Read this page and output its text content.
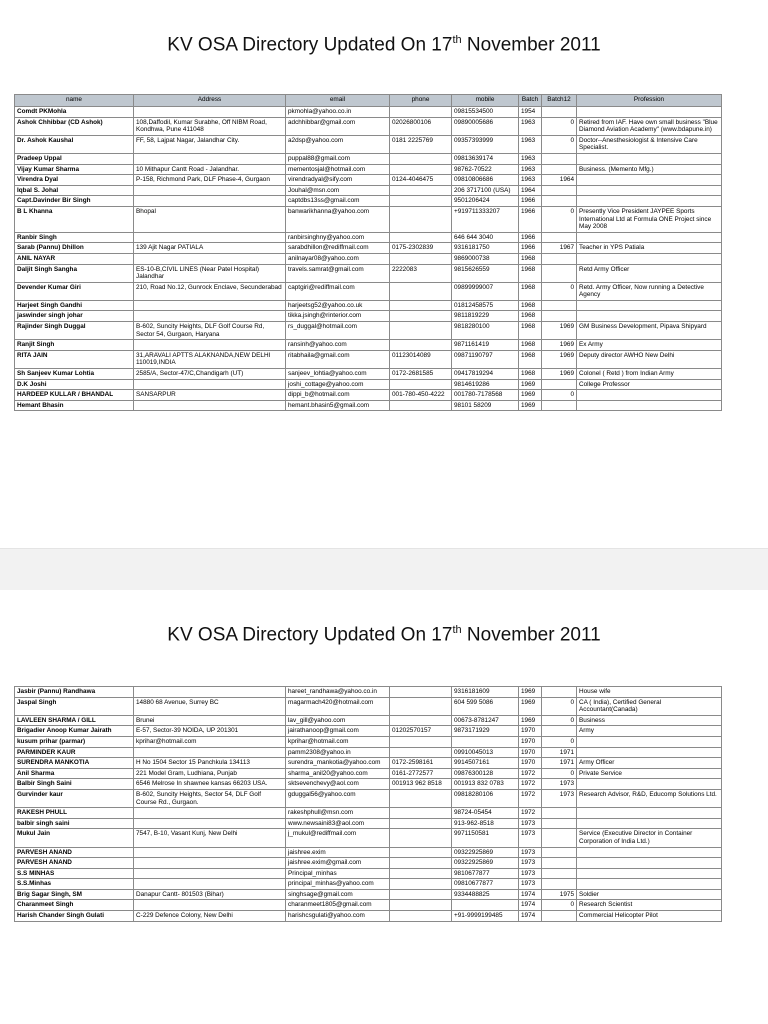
KV OSA Directory Updated On 17th November 2011
name	Address	email	phone	mobile	Batch	Batch12	Profession
Comdt PKMohla		pkmohla@yahoo.co.in		09815534500	1954		
Ashok Chhibbar (CD Ashok)	108,Daffodil, Kumar Surabhe, Off NIBM Road, Kondhwa, Pune 411048	adchhibbar@gmail.com	02026800106	09890005686	1963	0	Retired from IAF. Have own small business "Blue Diamond Aviation Academy" (www.bdapune.in)
Dr. Ashok Kaushal	FF, 58, Lajpat Nagar, Jalandhar City.	a2dsp@yahoo.com	0181 2225769	09357393999	1963	0	Doctor--Anesthesiologist & Intensive Care Specialist.
Pradeep Uppal		puppal88@gmail.com		09813639174	1963		
Vijay Kumar Sharma	10 Mithapur Cantt Road - Jalandhar.	mementosjal@hotmail.com		98762-70522	1963		Business. (Memento Mfg.)
Virendra Dyal	P-158, Richmond Park, DLF Phase-4, Gurgaon	virendradyal@sify.com	0124-4046475	09810806686	1963	1964	
Iqbal S. Johal		Jouhal@msn.com		206 3717100 (USA)	1964		
Capt.Davinder Bir Singh		captdbs13ss@gmail.com		9501206424	1966		
B L Khanna	Bhopal	banwarikhanna@yahoo.com		+919711333207	1966	0	Presently Vice President JAYPEE Sports International Ltd at Formula ONE Project since May 2008
Ranbir Singh		ranbirsinghny@yahoo.com		646 644 3040	1966		
Sarab (Pannu) Dhillon	139 Ajit Nagar PATIALA	sarabdhillon@rediffmail.com	0175-2302839	9316181750	1966	1967	Teacher in YPS Patiala
ANIL NAYAR		anilnayar08@yahoo.com		9869000738	1968		
Daljit Singh Sangha	ES-10-B,CIVIL LINES (Near Patel Hospital) Jalandhar	travels.samrat@gmail.com	2222083	9815626559	1968		Retd Army Officer
Devender Kumar Giri	210, Road No.12, Gunrock Enclave, Secunderabad	captgiri@rediffmail.com		09899999007	1968	0	Retd. Army Officer, Now running a Detective Agency
Harjeet Singh Gandhi		harjeetsg52@yahoo.co.uk		01812458575	1968		
jaswinder singh johar		tikka.jsingh@rinterior.com		9811819229	1968		
Rajinder Singh Duggal	B-602, Suncity Heights, DLF Golf Course Rd, Sector 54, Gurgaon, Haryana	rs_duggal@hotmail.com		9818280100	1968	1969	GM Business Development, Pipava Shipyard
Ranjit Singh		ransinh@yahoo.com		9871161419	1968	1969	Ex Army
RITA JAIN	31,ARAVALI APTTS ALAKNANDA,NEW DELHI 110019,INDIA	ritabhaila@gmail.com	01123014089	09871190797	1968	1969	Deputy director AWHO New Delhi
Sh Sanjeev Kumar Lohtia	2585/A, Sector-47/C,Chandigarh (UT)	sanjeev_lohtia@yahoo.com	0172-2681585	09417819294	1968	1969	Colonel ( Retd ) from Indian Army
D.K Joshi		joshi_cottage@yahoo.com		9814619286	1969		College Professor
HARDEEP KULLAR / BHANDAL	SANSARPUR	dippi_b@hotmail.com	001-780-450-4222	001780-7178568	1969	0	
Hemant Bhasin		hemant.bhasin5@gmail.com		98101 58209	1969		
KV OSA Directory Updated On 17th November 2011
Jasbir (Pannu) Randhawa		hareet_randhawa@yahoo.co.in		9316181609	1969		House wife
Jaspal Singh	14880 68 Avenue, Surrey BC	magarmach420@hotmail.com		604 599 5086	1969	0	CA ( India), Certified General Accountant(Canada)
LAVLEEN SHARMA / GILL	Brunei	lav_gill@yahoo.com		00673-8781247	1969	0	Business
Brigadier Anoop Kumar Jairath	E-57, Sector-39 NOIDA, UP 201301	jairathanoop@gmail.com	01202570157	9873171929	1970		Army
kusum prihar (parmar)	kprihar@hotmail.com	kprihar@hotmail.com			1970	0	
PARMINDER KAUR		pamm2308@yahoo.in		09910045013	1970	1971	
SURENDRA MANKOTIA	H No 1504 Sector 15 Panchkula 134113	surendra_mankotia@yahoo.com	0172-2598161	9914507161	1970	1971	Army Officer
Anil Sharma	221 Model Gram, Ludhiana, Punjab	sharma_anil20@yahoo.com	0161-2772577	09876300128	1972	0	Private Service
Balbir Singh Saini	6546 Melrose In shawnee kansas 66203 USA.	sktsevenchevy@aol.com	001913 962 8518	001913 832 0783	1972	1973	
Gurvinder kaur	B-602, Suncity Heights, Sector 54, DLF Golf Course Rd., Gurgaon.	gduggal56@yahoo.com		09818280106	1972	1973	Research Advisor, R&D, Educomp Solutions Ltd.
RAKESH PHULL		rakeshphull@msn.com		98724-05454	1972		
balbir singh saini		www.newsaini83@aol.com		913-962-8518	1973		
Mukul Jain	7547, B-10, Vasant Kunj, New Delhi	j_mukul@rediffmail.com		9971150581	1973		Service (Executive Director in Container Corporation of India Ltd.)
PARVESH ANAND		jaishree.exim		09322925869	1973		
PARVESH ANAND		jaishree.exim@gmail.com		09322925869	1973		
S.S MINHAS		Principal_minhas		9810677877	1973		
S.S.Minhas		principal_minhas@yahoo.com		09810677877	1973		
Brig Sagar Singh, SM	Danapur Cantt- 801503 (Bihar)	singhsage@gmail.com		9334488825	1974	1975	Soldier
Charanmeet Singh		charanmeet1805@gmail.com			1974	0	Research Scientist
Harish Chander Singh Gulati	C-229 Defence Colony, New Delhi	harishcsgulati@yahoo.com		+91-9999199485	1974		Commercial Helicopter Pilot
